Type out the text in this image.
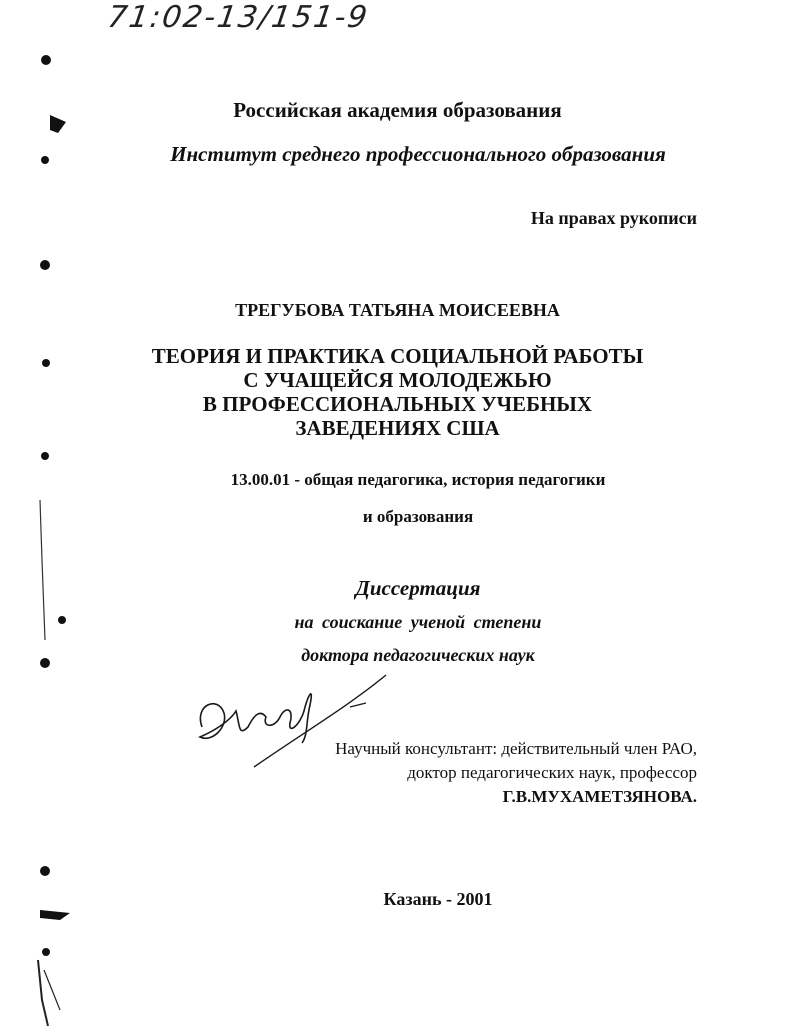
71:02-13/151-9
Российская академия образования
Институт среднего профессионального образования
На правах рукописи
ТРЕГУБОВА ТАТЬЯНА МОИСЕЕВНА
ТЕОРИЯ И ПРАКТИКА СОЦИАЛЬНОЙ РАБОТЫ
С УЧАЩЕЙСЯ МОЛОДЕЖЬЮ
В ПРОФЕССИОНАЛЬНЫХ УЧЕБНЫХ
ЗАВЕДЕНИЯХ США
13.00.01 - общая педагогика, история педагогики
и образования
Диссертация
на соискание ученой степени
доктора педагогических наук
Научный консультант: действительный член РАО,
доктор педагогических наук, профессор
Г.В.МУХАМЕТЗЯНОВА.
Казань - 2001
